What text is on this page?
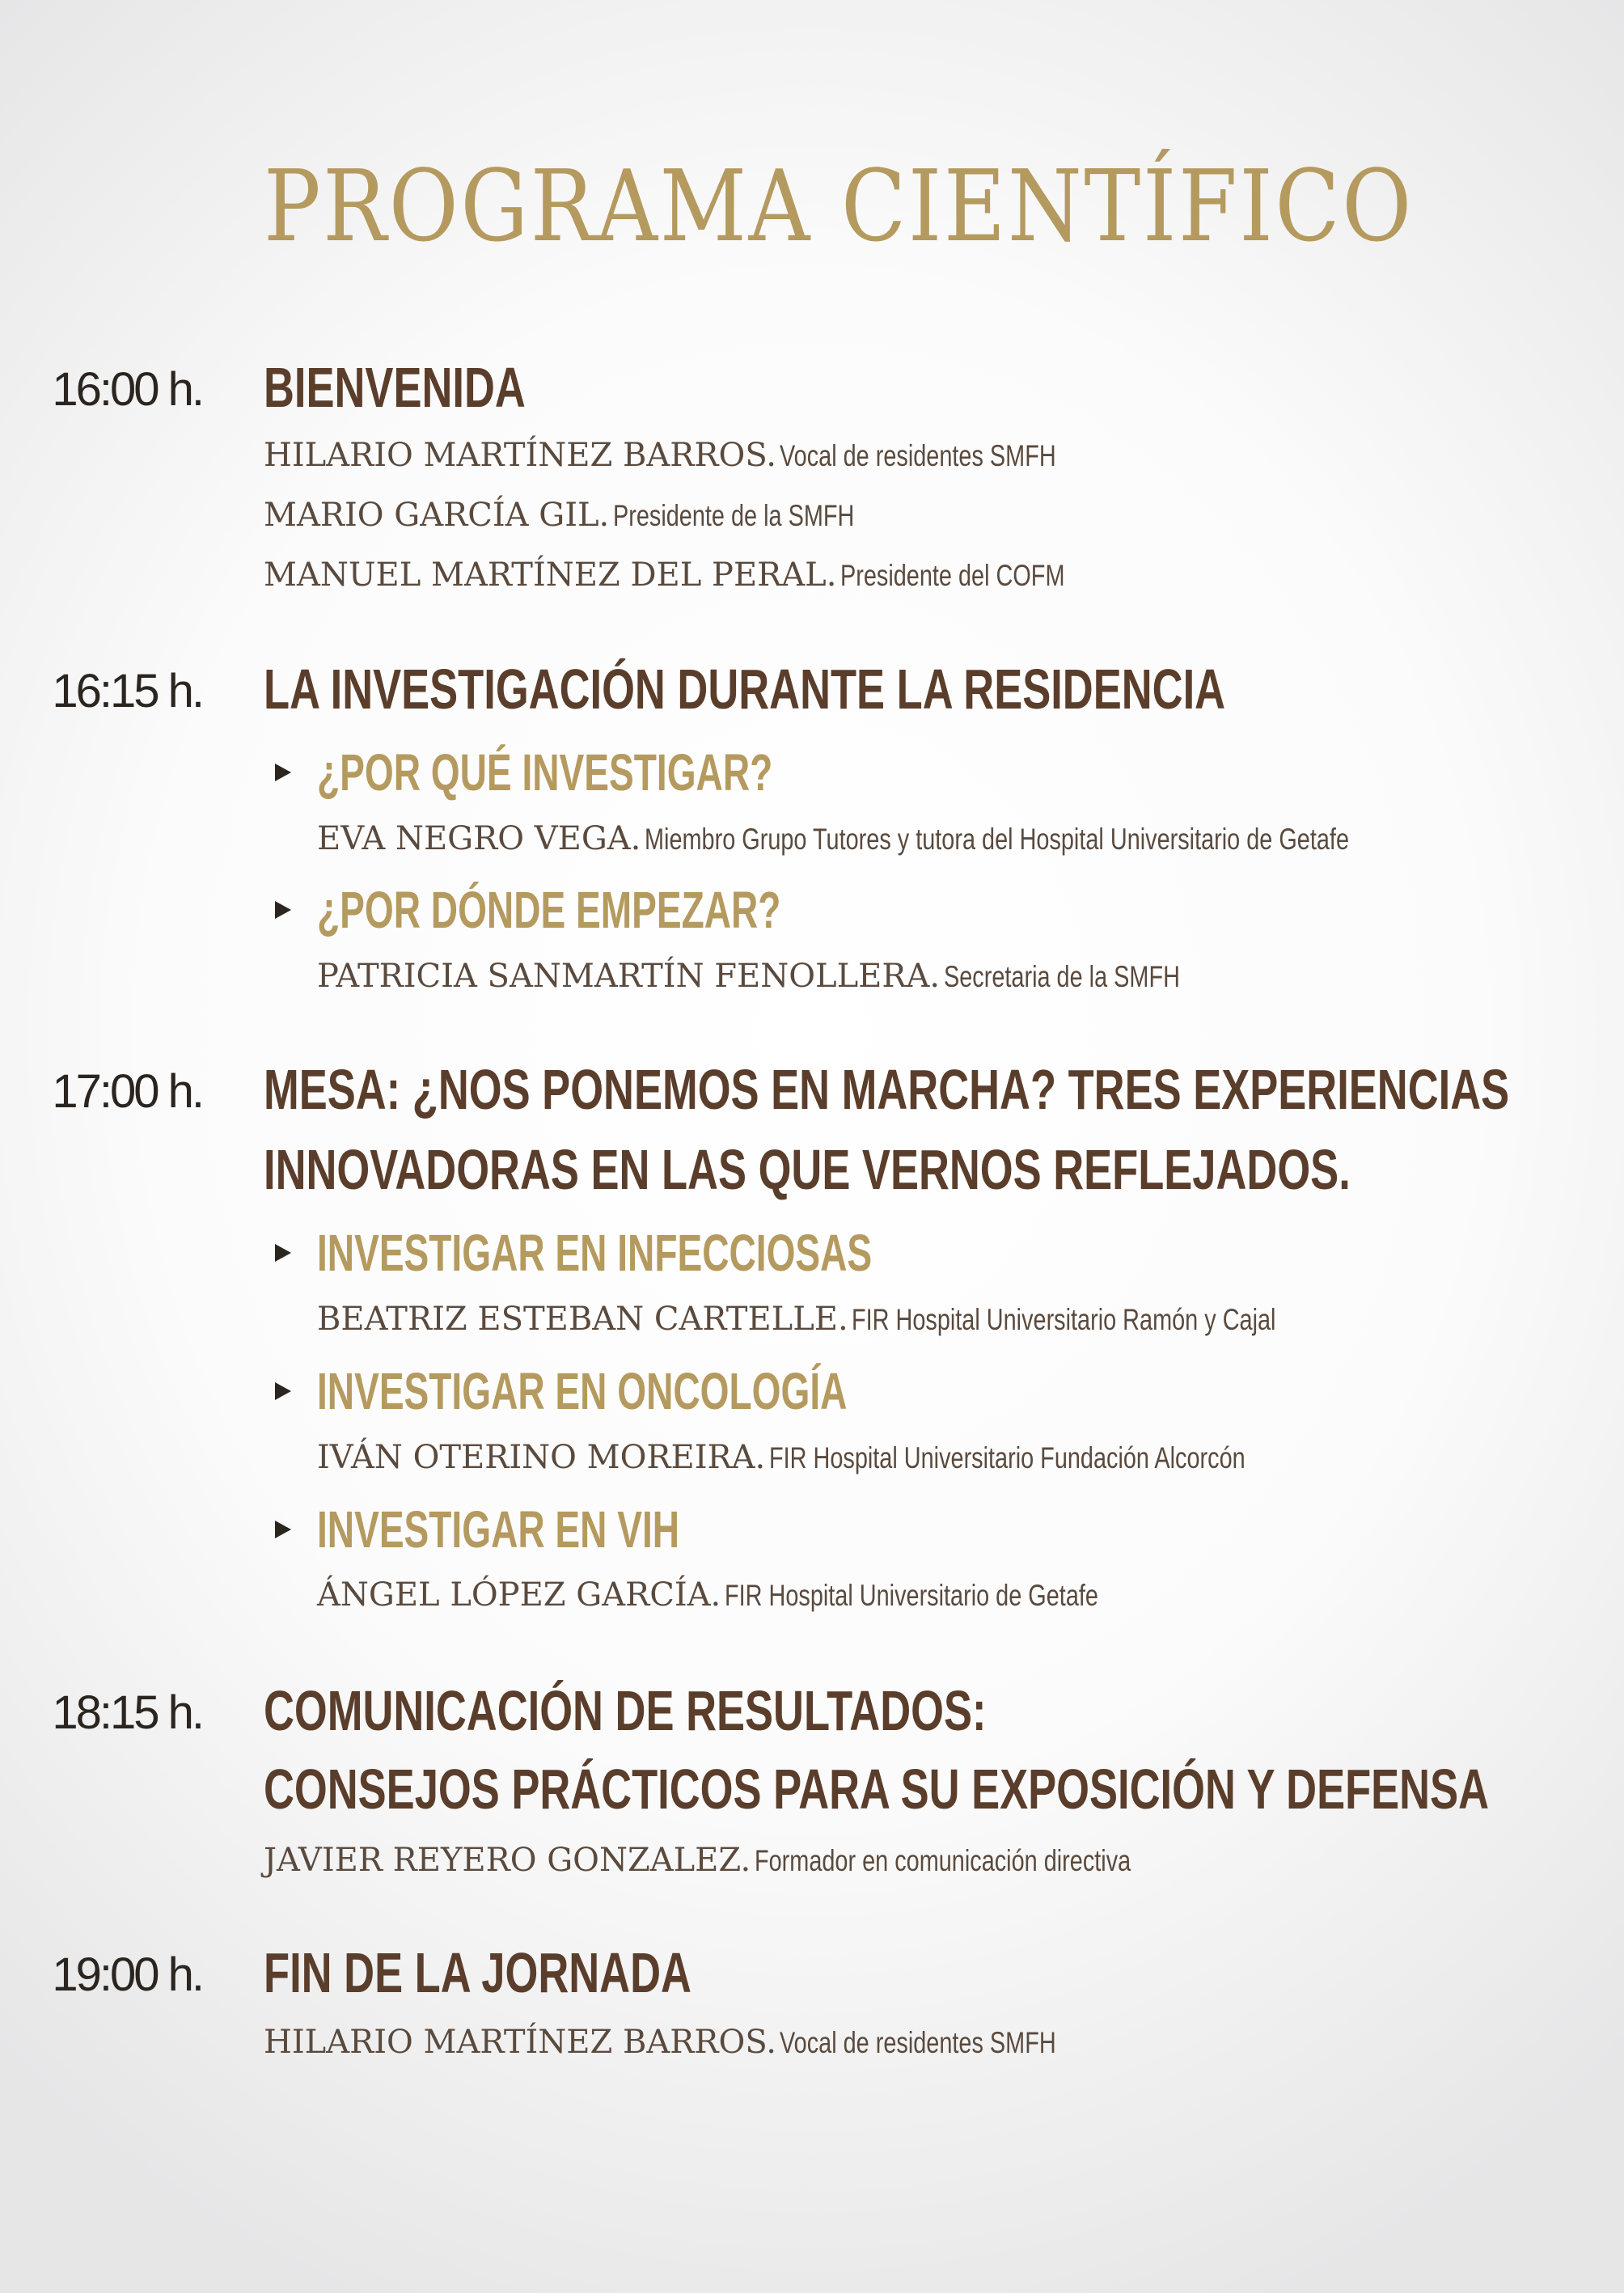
PROGRAMA CIENTÍFICO
16:00 h. BIENVENIDA
HILARIO MARTÍNEZ BARROS. Vocal de residentes SMFH
MARIO GARCÍA GIL. Presidente de la SMFH
MANUEL MARTÍNEZ DEL PERAL. Presidente del COFM
16:15 h. LA INVESTIGACIÓN DURANTE LA RESIDENCIA
¿POR QUÉ INVESTIGAR?
EVA NEGRO VEGA. Miembro Grupo Tutores y tutora del Hospital Universitario de Getafe
¿POR DÓNDE EMPEZAR?
PATRICIA SANMARTÍN FENOLLERA. Secretaria de la SMFH
17:00 h. MESA: ¿NOS PONEMOS EN MARCHA? TRES EXPERIENCIAS
INNOVADORAS EN LAS QUE VERNOS REFLEJADOS.
INVESTIGAR EN INFECCIOSAS
BEATRIZ ESTEBAN CARTELLE. FIR Hospital Universitario Ramón y Cajal
INVESTIGAR EN ONCOLOGÍA
IVÁN OTERINO MOREIRA. FIR Hospital Universitario Fundación Alcorcón
INVESTIGAR EN VIH
ÁNGEL LÓPEZ GARCÍA. FIR Hospital Universitario de Getafe
18:15 h. COMUNICACIÓN DE RESULTADOS:
CONSEJOS PRÁCTICOS PARA SU EXPOSICIÓN Y DEFENSA
JAVIER REYERO GONZALEZ. Formador en comunicación directiva
19:00 h. FIN DE LA JORNADA
HILARIO MARTÍNEZ BARROS. Vocal de residentes SMFH
